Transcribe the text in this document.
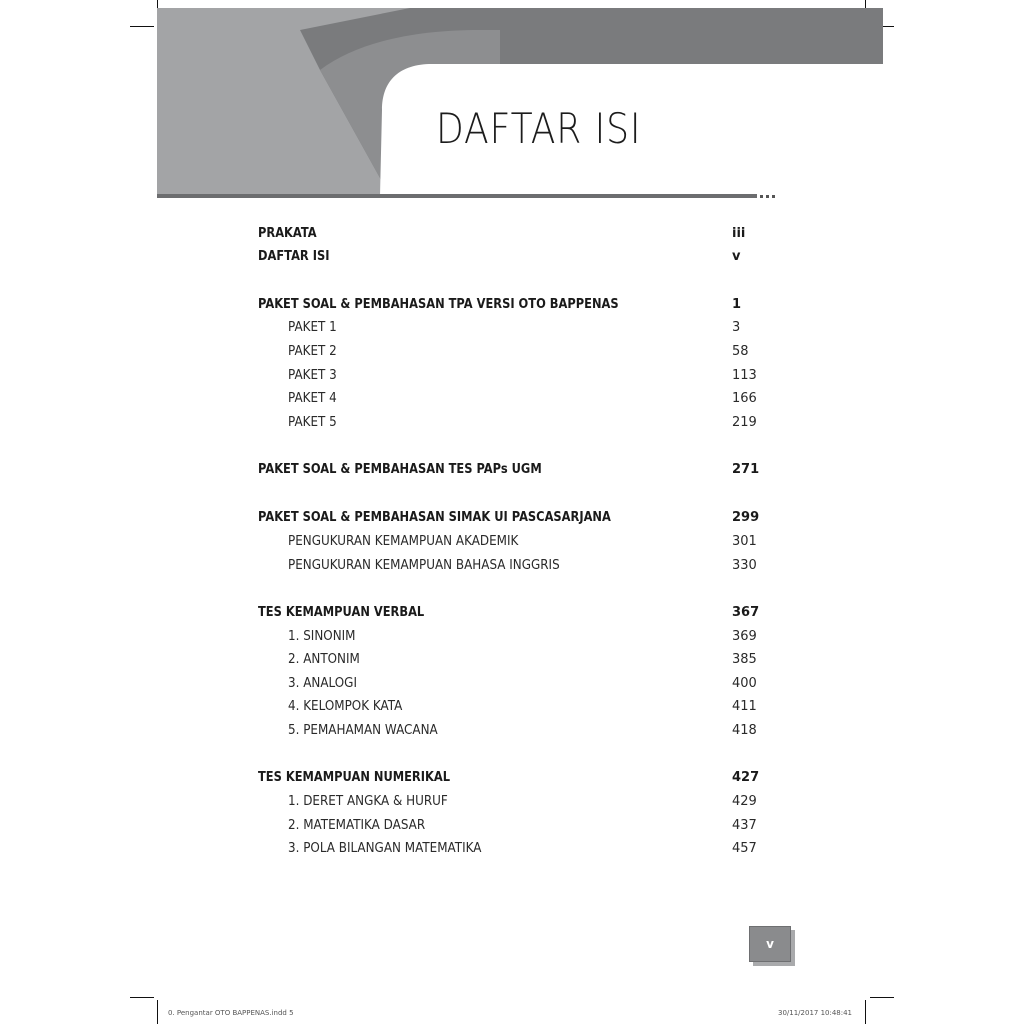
DAFTAR ISI
PRAKATA	iii
DAFTAR ISI	v
PAKET SOAL & PEMBAHASAN TPA VERSI OTO BAPPENAS	1
PAKET 1	3
PAKET 2	58
PAKET 3	113
PAKET 4	166
PAKET 5	219
PAKET SOAL & PEMBAHASAN TES PAPs UGM	271
PAKET SOAL & PEMBAHASAN SIMAK UI PASCASARJANA	299
PENGUKURAN KEMAMPUAN AKADEMIK	301
PENGUKURAN KEMAMPUAN BAHASA INGGRIS	330
TES KEMAMPUAN VERBAL	367
1. SINONIM	369
2. ANTONIM	385
3. ANALOGI	400
4. KELOMPOK KATA	411
5. PEMAHAMAN WACANA	418
TES KEMAMPUAN NUMERIKAL	427
1. DERET ANGKA & HURUF	429
2. MATEMATIKA DASAR	437
3. POLA BILANGAN MATEMATIKA	457
v
0. Pengantar OTO BAPPENAS.indd 5	30/11/2017 10:48:41
